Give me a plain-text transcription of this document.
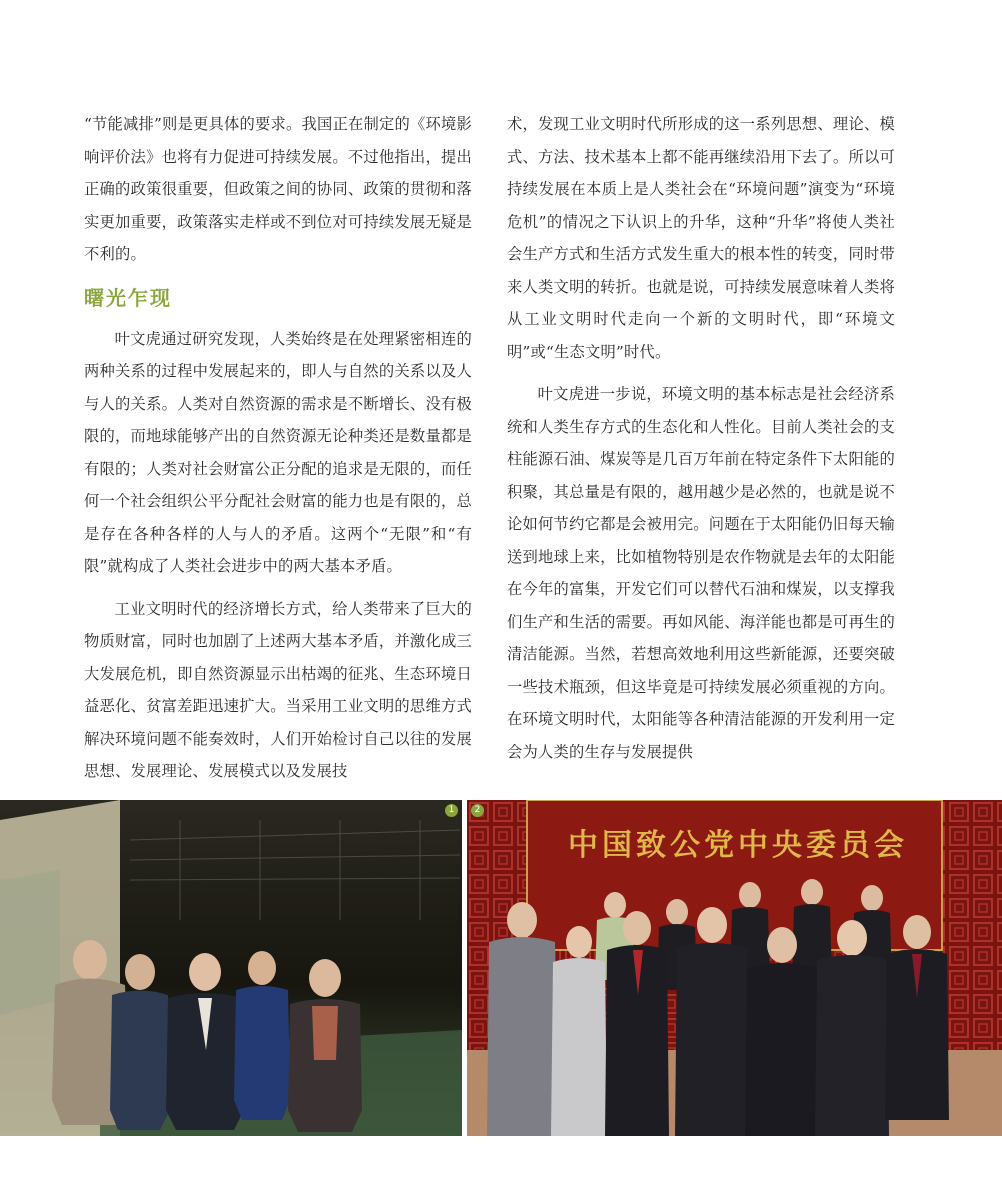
“节能减排”则是更具体的要求。我国正在制定的《环境影响评价法》也将有力促进可持续发展。不过他指出，提出正确的政策很重要，但政策之间的协同、政策的贯彻和落实更加重要，政策落实走样或不到位对可持续发展无疑是不利的。

曙光乍现

叶文虎通过研究发现，人类始终是在处理紧密相连的两种关系的过程中发展起来的，即人与自然的关系以及人与人的关系。人类对自然资源的需求是不断增长、没有极限的，而地球能够产出的自然资源无论种类还是数量都是有限的；人类对社会财富公正分配的追求是无限的，而任何一个社会组织公平分配社会财富的能力也是有限的，总是存在各种各样的人与人的矛盾。这两个“无限”和“有限”就构成了人类社会进步中的两大基本矛盾。

工业文明时代的经济增长方式，给人类带来了巨大的物质财富，同时也加剧了上述两大基本矛盾，并激化成三大发展危机，即自然资源显示出枯竭的征兆、生态环境日益恶化、贫富差距迅速扩大。当采用工业文明的思维方式解决环境问题不能奏效时，人们开始检讨自己以往的发展思想、发展理论、发展模式以及发展技

术，发现工业文明时代所形成的这一系列思想、理论、模式、方法、技术基本上都不能再继续沿用下去了。所以可持续发展在本质上是人类社会在“环境问题”演变为“环境危机”的情况之下认识上的升华，这种“升华”将使人类社会生产方式和生活方式发生重大的根本性的转变，同时带来人类文明的转折。也就是说，可持续发展意味着人类将从工业文明时代走向一个新的文明时代，即“环境文明”或“生态文明”时代。

叶文虎进一步说，环境文明的基本标志是社会经济系统和人类生存方式的生态化和人性化。目前人类社会的支柱能源石油、煤炭等是几百万年前在特定条件下太阳能的积聚，其总量是有限的，越用越少是必然的，也就是说不论如何节约它都是会被用完。问题在于太阳能仍旧每天输送到地球上来，比如植物特别是农作物就是去年的太阳能在今年的富集，开发它们可以替代石油和煤炭，以支撑我们生产和生活的需要。再如风能、海洋能也都是可再生的清洁能源。当然，若想高效地利用这些新能源，还要突破一些技术瓶颈，但这毕竟是可持续发展必须重视的方向。在环境文明时代，太阳能等各种清洁能源的开发利用一定会为人类的生存与发展提供

1
中国致公党中央委员会
2
